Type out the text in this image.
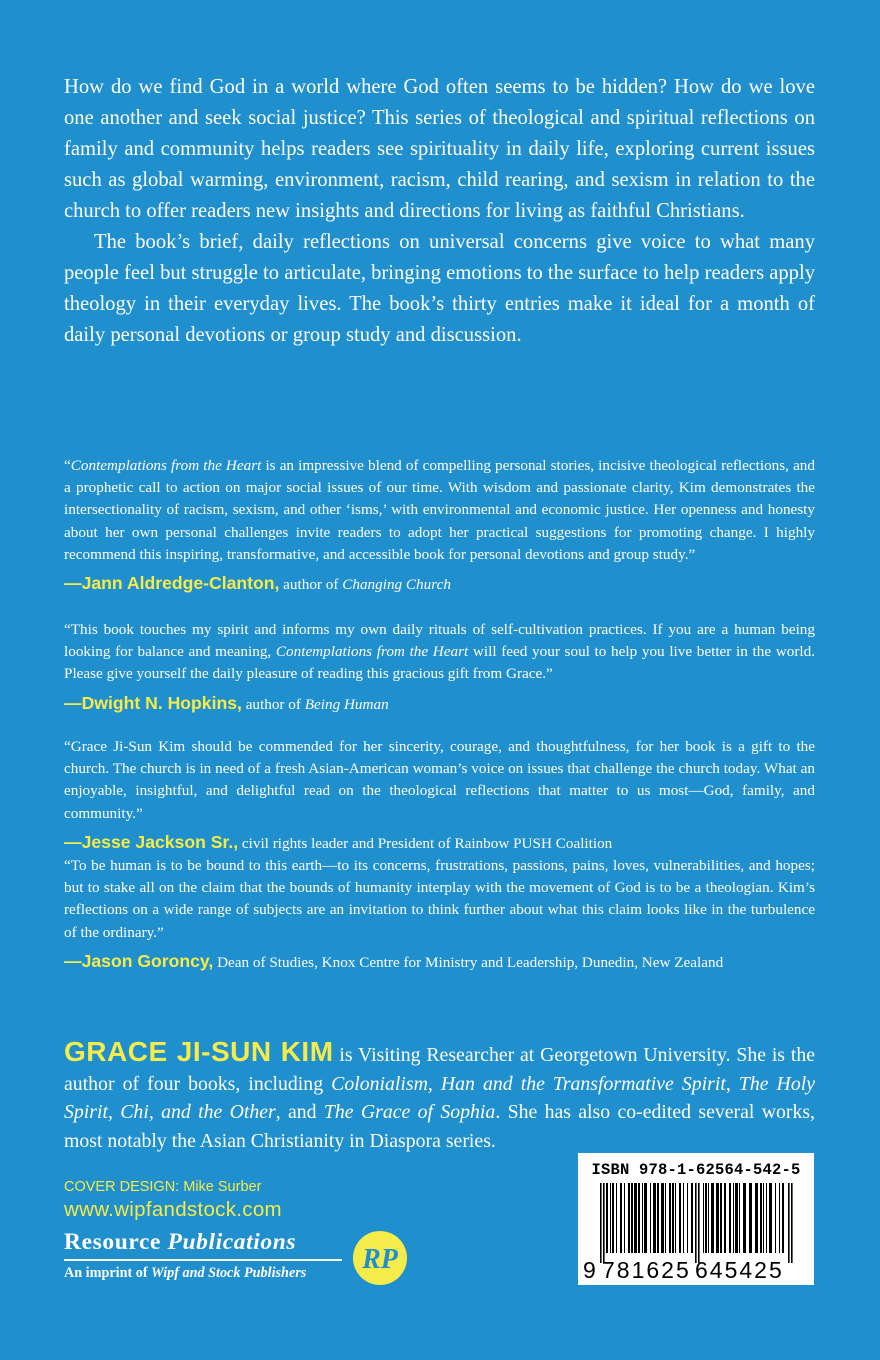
How do we find God in a world where God often seems to be hidden? How do we love one another and seek social justice? This series of theological and spiritual reflections on family and community helps readers see spirituality in daily life, exploring current issues such as global warming, environment, racism, child rearing, and sexism in relation to the church to offer readers new insights and directions for living as faithful Christians.

The book’s brief, daily reflections on universal concerns give voice to what many people feel but struggle to articulate, bringing emotions to the surface to help readers apply theology in their everyday lives. The book’s thirty entries make it ideal for a month of daily personal devotions or group study and discussion.

“Contemplations from the Heart is an impressive blend of compelling personal stories, incisive theological reflections, and a prophetic call to action on major social issues of our time. With wisdom and passionate clarity, Kim demonstrates the intersectionality of racism, sexism, and other ‘isms,’ with environmental and economic justice. Her openness and honesty about her own personal challenges invite readers to adopt her practical suggestions for promoting change. I highly recommend this inspiring, transformative, and accessible book for personal devotions and group study.”

—Jann Aldredge-Clanton, author of Changing Church

“This book touches my spirit and informs my own daily rituals of self-cultivation practices. If you are a human being looking for balance and meaning, Contemplations from the Heart will feed your soul to help you live better in the world. Please give yourself the daily pleasure of reading this gracious gift from Grace.”

—Dwight N. Hopkins, author of Being Human

“Grace Ji-Sun Kim should be commended for her sincerity, courage, and thoughtfulness, for her book is a gift to the church. The church is in need of a fresh Asian-American woman’s voice on issues that challenge the church today. What an enjoyable, insightful, and delightful read on the theological reflections that matter to us most—God, family, and community.”

—Jesse Jackson Sr., civil rights leader and President of Rainbow PUSH Coalition

“To be human is to be bound to this earth—to its concerns, frustrations, passions, pains, loves, vulnerabilities, and hopes; but to stake all on the claim that the bounds of humanity interplay with the movement of God is to be a theologian. Kim’s reflections on a wide range of subjects are an invitation to think further about what this claim looks like in the turbulence of the ordinary.”

—Jason Goroncy, Dean of Studies, Knox Centre for Ministry and Leadership, Dunedin, New Zealand

GRACE JI-SUN KIM is Visiting Researcher at Georgetown University. She is the author of four books, including Colonialism, Han and the Transformative Spirit, The Holy Spirit, Chi, and the Other, and The Grace of Sophia. She has also co-edited several works, most notably the Asian Christianity in Diaspora series.

COVER DESIGN: Mike Surber
www.wipfandstock.com
Resource Publications
An imprint of Wipf and Stock Publishers RP
ISBN 978-1-62564-542-5
9 781625 645425
